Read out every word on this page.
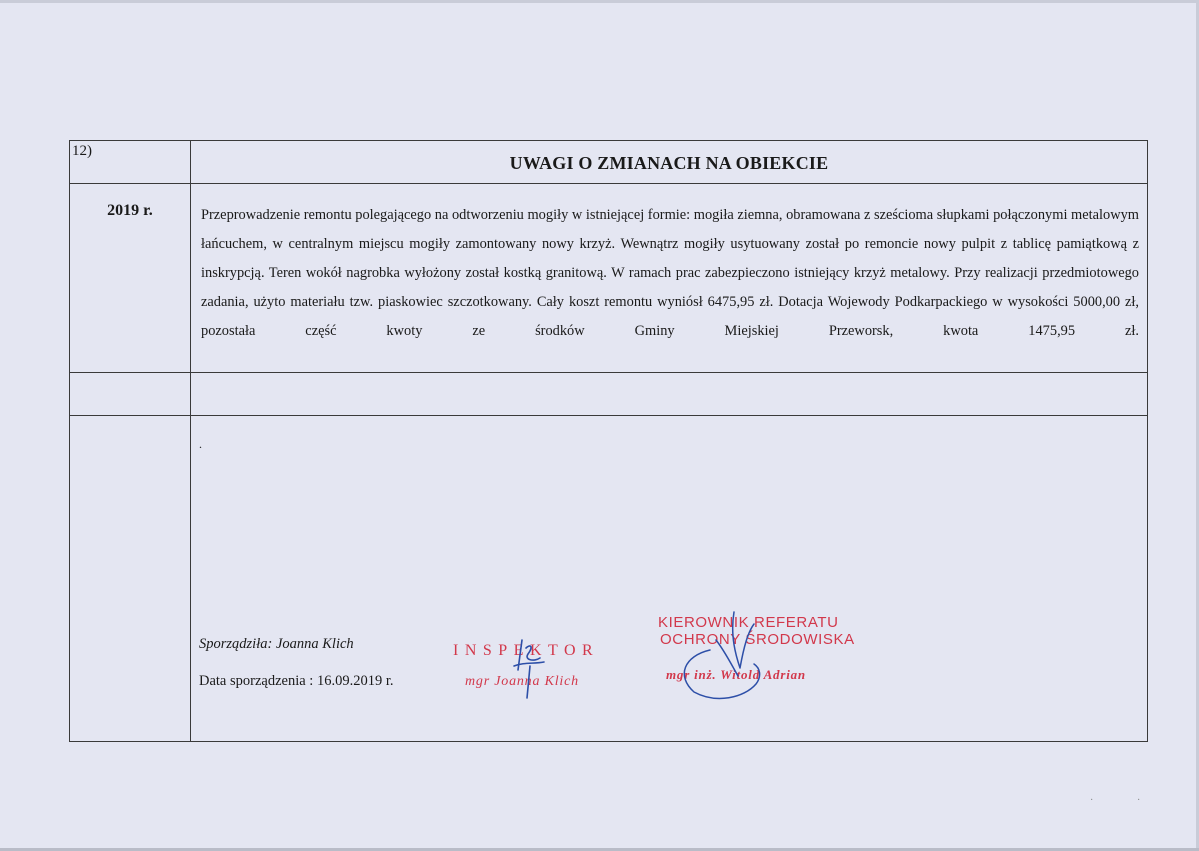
12)	UWAGI O ZMIANACH NA OBIEKCIE

2019 r.	Przeprowadzenie remontu polegającego na odtworzeniu mogiły w istniejącej formie: mogiła ziemna, obramowana z sześcioma słupkami połączonymi metalowym łańcuchem, w centralnym miejscu mogiły zamontowany nowy krzyż. Wewnątrz mogiły usytuowany został po remoncie nowy pulpit z tablicę pamiątkową z inskrypcją. Teren wokół nagrobka wyłożony został kostką granitową. W ramach prac zabezpieczono istniejący krzyż metalowy. Przy realizacji przedmiotowego zadania, użyto materiału tzw. piaskowiec szczotkowany. Cały koszt remontu wyniósł 6475,95 zł. Dotacja Wojewody Podkarpackiego w wysokości 5000,00 zł, pozostała część kwoty ze środków Gminy Miejskiej Przeworsk, kwota 1475,95 zł.

.
Sporządziła: Joanna Klich
Data sporządzenia : 16.09.2019 r.
INSPEKTOR
mgr Joanna Klich
KIEROWNIK REFERATU
OCHRONY ŚRODOWISKA
mgr inż. Witold Adrian
·	·
